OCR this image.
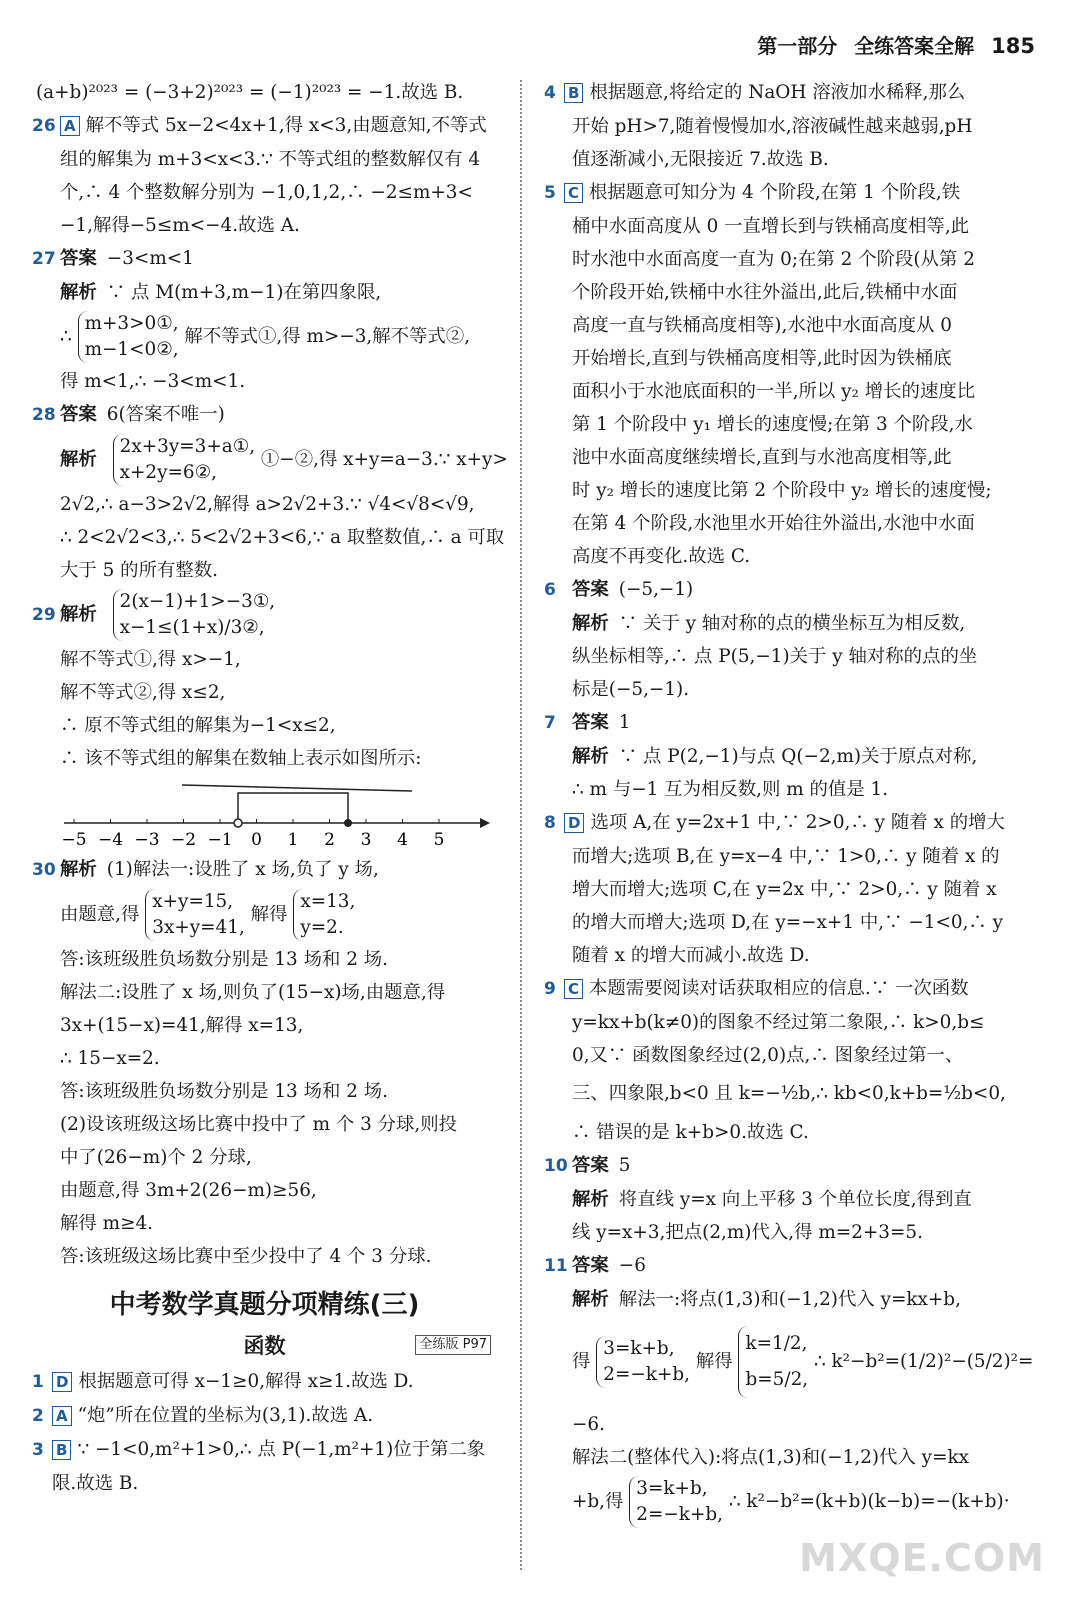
第一部分 全练答案全解 185
(a+b)²⁰²³ = (−3+2)²⁰²³ = (−1)²⁰²³ = −1.故选 B.
26 A 解不等式 5x−2<4x+1,得 x<3,由题意知,不等式
组的解集为 m+3<x<3.∵ 不等式组的整数解仅有 4
个,∴ 4 个整数解分别为 −1,0,1,2,∴ −2≤m+3<
−1,解得−5≤m<−4.故选 A.
27 答案 −3<m<1
解析 ∵ 点 M(m+3,m−1)在第四象限,
∴
m+3>0①,
m−1<0②,
解不等式①,得 m>−3,解不等式②,
得 m<1,∴ −3<m<1.
28 答案 6(答案不唯一)
解析
2x+3y=3+a①,
x+2y=6②,
①−②,得 x+y=a−3.∵ x+y>
2√2,∴ a−3>2√2,解得 a>2√2+3.∵ √4<√8<√9,
∴ 2<2√2<3,∴ 5<2√2+3<6,∵ a 取整数值,∴ a 可取
大于 5 的所有整数.
29 解析
2(x−1)+1>−3①,
x−1≤(1+x)/3②,
解不等式①,得 x>−1,
解不等式②,得 x≤2,
∴ 原不等式组的解集为−1<x≤2,
∴ 该不等式组的解集在数轴上表示如图所示:
−5 −4 −3 −2 −1 0 1 2 3 4 5
30 解析 (1)解法一:设胜了 x 场,负了 y 场,
由题意,得
x+y=15,
3x+y=41,
解得
x=13,
y=2.
答:该班级胜负场数分别是 13 场和 2 场.
解法二:设胜了 x 场,则负了(15−x)场,由题意,得
3x+(15−x)=41,解得 x=13,
∴ 15−x=2.
答:该班级胜负场数分别是 13 场和 2 场.
(2)设该班级这场比赛中投中了 m 个 3 分球,则投
中了(26−m)个 2 分球,
由题意,得 3m+2(26−m)≥56,
解得 m≥4.
答:该班级这场比赛中至少投中了 4 个 3 分球.
中考数学真题分项精练(三)
函数	全练版 P97
1 D 根据题意可得 x−1≥0,解得 x≥1.故选 D.
2 A “炮”所在位置的坐标为(3,1).故选 A.
3 B ∵ −1<0,m²+1>0,∴ 点 P(−1,m²+1)位于第二象
限.故选 B.
4 B 根据题意,将给定的 NaOH 溶液加水稀释,那么
开始 pH>7,随着慢慢加水,溶液碱性越来越弱,pH
值逐渐减小,无限接近 7.故选 B.
5 C 根据题意可知分为 4 个阶段,在第 1 个阶段,铁
桶中水面高度从 0 一直增长到与铁桶高度相等,此
时水池中水面高度一直为 0;在第 2 个阶段(从第 2
个阶段开始,铁桶中水往外溢出,此后,铁桶中水面
高度一直与铁桶高度相等),水池中水面高度从 0
开始增长,直到与铁桶高度相等,此时因为铁桶底
面积小于水池底面积的一半,所以 y₂ 增长的速度比
第 1 个阶段中 y₁ 增长的速度慢;在第 3 个阶段,水
池中水面高度继续增长,直到与水池高度相等,此
时 y₂ 增长的速度比第 2 个阶段中 y₂ 增长的速度慢;
在第 4 个阶段,水池里水开始往外溢出,水池中水面
高度不再变化.故选 C.
6 答案 (−5,−1)
解析 ∵ 关于 y 轴对称的点的横坐标互为相反数,
纵坐标相等,∴ 点 P(5,−1)关于 y 轴对称的点的坐
标是(−5,−1).
7 答案 1
解析 ∵ 点 P(2,−1)与点 Q(−2,m)关于原点对称,
∴ m 与−1 互为相反数,则 m 的值是 1.
8 D 选项 A,在 y=2x+1 中,∵ 2>0,∴ y 随着 x 的增大
而增大;选项 B,在 y=x−4 中,∵ 1>0,∴ y 随着 x 的
增大而增大;选项 C,在 y=2x 中,∵ 2>0,∴ y 随着 x
的增大而增大;选项 D,在 y=−x+1 中,∵ −1<0,∴ y
随着 x 的增大而减小.故选 D.
9 C 本题需要阅读对话获取相应的信息.∵ 一次函数
y=kx+b(k≠0)的图象不经过第二象限,∴ k>0,b≤
0,又∵ 函数图象经过(2,0)点,∴ 图象经过第一、
三、四象限,b<0 且 k=−½b,∴ kb<0,k+b=½b<0,
∴ 错误的是 k+b>0.故选 C.
10 答案 5
解析 将直线 y=x 向上平移 3 个单位长度,得到直
线 y=x+3,把点(2,m)代入,得 m=2+3=5.
11 答案 −6
解析 解法一:将点(1,3)和(−1,2)代入 y=kx+b,
得
3=k+b,
2=−k+b,
解得
k=1/2,
b=5/2,
∴ k²−b²=(1/2)²−(5/2)²=
−6.
解法二(整体代入):将点(1,3)和(−1,2)代入 y=kx
+b,得
3=k+b,
2=−k+b,
∴ k²−b²=(k+b)(k−b)=−(k+b)·
MXQE.COM
